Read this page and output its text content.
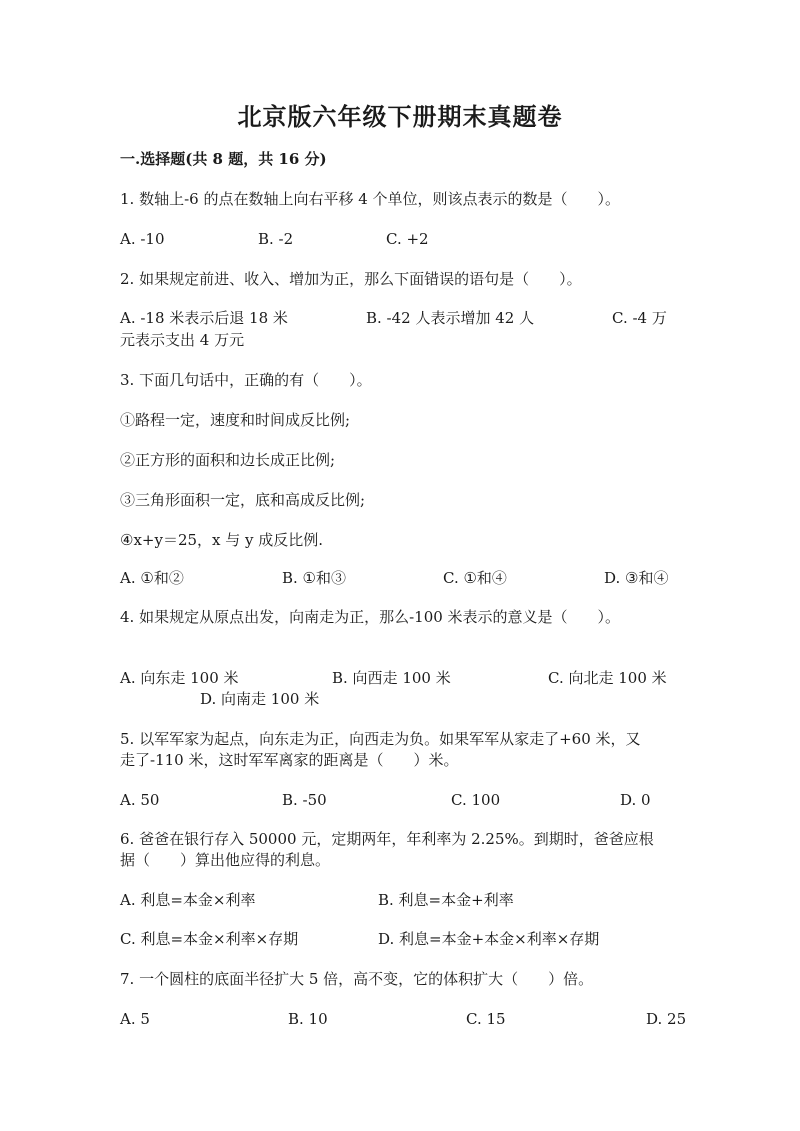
北京版六年级下册期末真题卷
一.选择题(共 8 题，共 16 分)
1. 数轴上-6 的点在数轴上向右平移 4 个单位，则该点表示的数是（　　）。
A. -10	B. -2	C. +2
2. 如果规定前进、收入、增加为正，那么下面错误的语句是（　　）。
A. -18 米表示后退 18 米	B. -42 人表示增加 42 人	C. -4 万
元表示支出 4 万元
3. 下面几句话中，正确的有（　　）。
①路程一定，速度和时间成反比例;
②正方形的面积和边长成正比例;
③三角形面积一定，底和高成反比例;
④x+y＝25，x 与 y 成反比例.
A. ①和②	B. ①和③	C. ①和④	D. ③和④
4. 如果规定从原点出发，向南走为正，那么-100 米表示的意义是（　　）。
A. 向东走 100 米	B. 向西走 100 米	C. 向北走 100 米
D. 向南走 100 米
5. 以军军家为起点，向东走为正，向西走为负。如果军军从家走了+60 米，又
走了-110 米，这时军军离家的距离是（　　）米。
A. 50	B. -50	C. 100	D. 0
6. 爸爸在银行存入 50000 元，定期两年，年利率为 2.25%。到期时，爸爸应根
据（　　）算出他应得的利息。
A. 利息=本金×利率	B. 利息=本金+利率
C. 利息=本金×利率×存期	D. 利息=本金+本金×利率×存期
7. 一个圆柱的底面半径扩大 5 倍，高不变，它的体积扩大（　　）倍。
A. 5	B. 10	C. 15	D. 25
